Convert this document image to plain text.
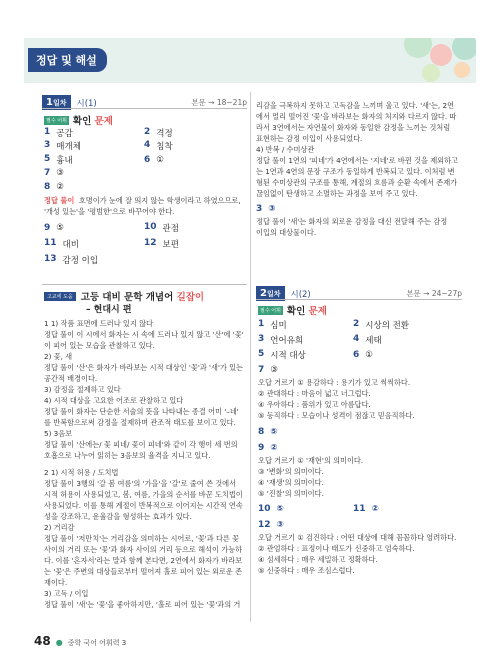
정답 및 해설
1일차	시(1)	본문 → 18~21p
필수 어휘 확인 문제
1 공감	2 격정
3 매개체	4 침착
5 흉내	6 ①
7 ③
8 ②
정답 풀이 호명이가 눈에 잘 띄지 않는 학생이라고 하였으므로, '개성 있는'을 '평범한'으로 바꾸어야 한다.
9 ⑤	10 관점
11 대비	12 보편
13 감정 이입
고교에 도움 고등 대비 문학 개념어 길잡이
– 현대시 편
1 1) 작품 표면에 드러나 있지 않다
정답 풀이 이 시에서 화자는 시 속에 드러나 있지 않고 '산'에 '꽃'
이 피어 있는 모습을 관찰하고 있다.
2) 꽃, 새
정답 풀이 '산'은 화자가 바라보는 시적 대상인 '꽃'과 '새'가 있는
공간적 배경이다.
3) 감정을 절제하고 있다
4) 시적 대상을 고요한 어조로 관찰하고 있다
정답 풀이 화자는 단순한 서술의 뜻을 나타내는 종결 어미 '–네'
를 반복함으로써 감정을 절제하며 관조적 태도를 보이고 있다.
5) 3음보
정답 풀이 '산에는/ 꽃 피네/ 꽃이 피네'와 같이 각 행이 세 번의
호흡으로 나누어 읽히는 3음보의 율격을 지니고 있다.
2 1) 시적 허용 / 도치법
정답 풀이 3행의 '갈 봄 여름'의 '가을'을 '갈'로 줄여 쓴 것에서
시적 허용이 사용되었고, 봄, 여름, 가을의 순서를 바꾼 도치법이
사용되었다. 이를 통해 계절이 반복적으로 이어지는 시간적 연속
성을 강조하고, 운율감을 형성하는 효과가 있다.
2) 거리감
정답 풀이 '저만치'는 거리감을 의미하는 시어로, '꽃'과 다른 꽃
사이의 거리 또는 '꽃'과 화자 사이의 거리 등으로 해석이 가능하
다. 이를 '혼자서'라는 말과 함께 본다면, 2연에서 화자가 바라보
는 '꽃'은 주변의 대상들로부터 떨어져 홀로 피어 있는 외로운 존
재이다.
3) 고독 / 이입
정답 풀이 '새'는 '꽃'을 좋아하지만, '홀로 피어 있는 '꽃'과의 거
리감을 극복하지 못하고 고독감을 느끼며 울고 있다. '새'는, 2연
에서 멀리 떨어진 '꽃'을 바라보는 화자의 처지와 다르지 않다. 따
라서 3연에서는 자연물이 화자와 동일한 감정을 느끼는 것처럼
표현하는 감정 이입이 사용되었다.
4) 반복 / 수미상관
정답 풀이 1연의 '피네'가 4연에서는 '지네'로 바뀐 것을 제외하고
는 1연과 4연의 문장 구조가 동일하게 반복되고 있다. 이처럼 변
형된 수미상관의 구조를 통해, 계절의 흐름과 순환 속에서 존재가
끊임없이 탄생하고 소멸하는 과정을 보여 주고 있다.
3 ③
정답 풀이 '새'는 화자의 외로운 감정을 대신 전달해 주는 감정
이입의 대상물이다.
2일차	시(2)	본문 → 24~27p
필수 어휘 확인 문제
1 심미	2 시상의 전환
3 언어유희	4 세태
5 시적 대상	6 ①
7 ③
오답 거르기 ① 용감하다 : 용기가 있고 씩씩하다.
② 관대하다 : 마음이 넓고 너그럽다.
④ 우아하다 : 품위가 있고 아름답다.
⑤ 등직하다 : 모습이나 성격이 점잖고 믿음직하다.
8 ⑤
9 ②
오답 거르기 ① '재현'의 의미이다.
③ '변화'의 의미이다.
④ '재생'의 의미이다.
⑤ '진찰'의 의미이다.
10 ⑤	11 ②
12 ③
오답 거르기 ① 검진하다 : 어떤 대상에 대해 꼼꼼하다 염려하다.
② 관엄하다 : 표정이나 태도가 신중하고 엄숙하다.
④ 섬세하다 : 매우 세밀하고 정확하다.
⑤ 신중하다 : 매우 조심스럽다.
48 ● 중학 국어 어휘력 3
